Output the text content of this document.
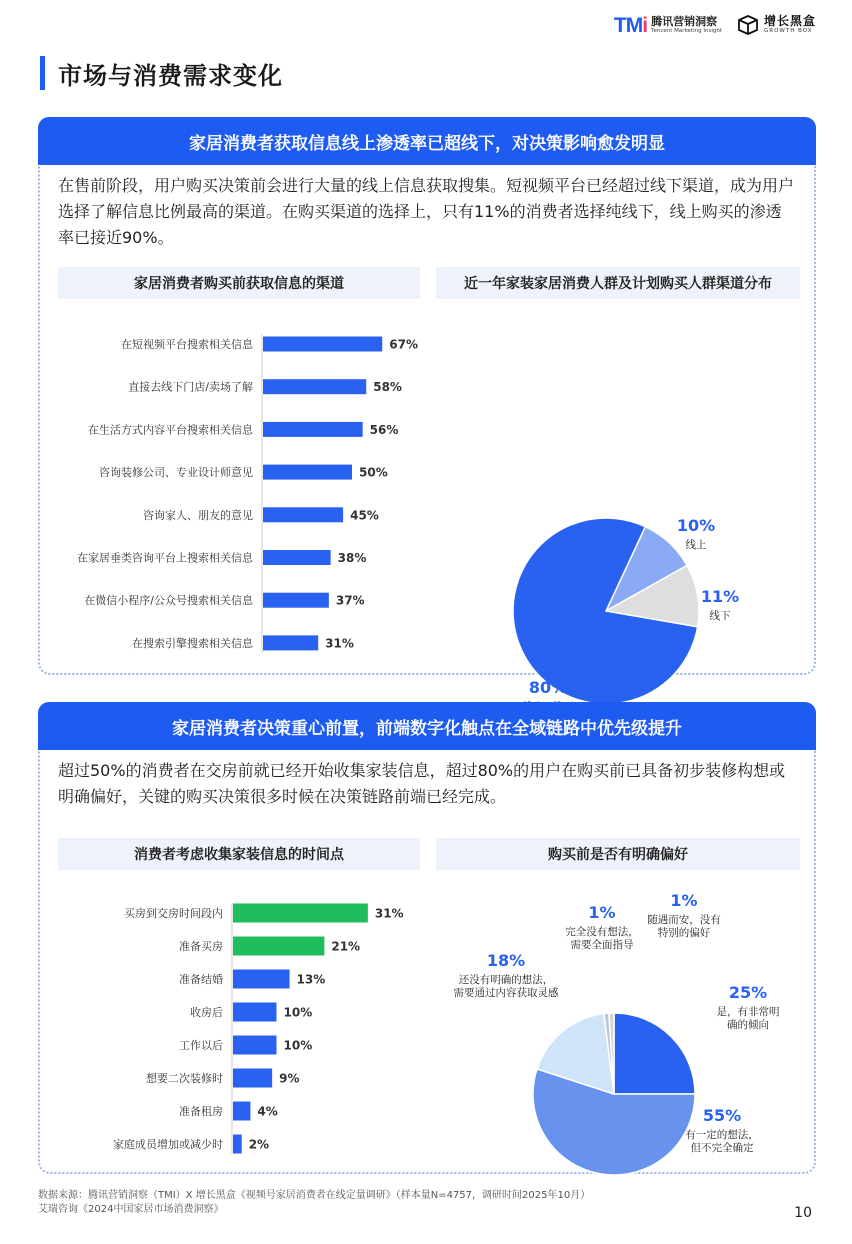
TMi 腾讯营销洞察
Tencent Marketing Insight
增长黑盒
GROWTH BOX
市场与消费需求变化
家居消费者获取信息线上渗透率已超线下，对决策影响愈发明显
在售前阶段，用户购买决策前会进行大量的线上信息获取搜集。短视频平台已经超过线下渠道，成为用户选择了解信息比例最高的渠道。在购买渠道的选择上，只有11%的消费者选择纯线下，线上购买的渗透率已接近90%。
家居消费者购买前获取信息的渠道	近一年家装家居消费人群及计划购买人群渠道分布
在短视频平台搜索相关信息	67%
直接去线下门店/卖场了解	58%
在生活方式内容平台搜索相关信息	56%
咨询装修公司、专业设计师意见	50%
咨询家人、朋友的意见	45%
在家居垂类咨询平台上搜索相关信息	38%
在微信小程序/公众号搜索相关信息	37%
在搜索引擎搜索相关信息	31%
10%
线上
11%
线下
80%
家居消费者决策重心前置，前端数字化触点在全域链路中优先级提升
超过50%的消费者在交房前就已经开始收集家装信息，超过80%的用户在购买前已具备初步装修构想或明确偏好，关键的购买决策很多时候在决策链路前端已经完成。
消费者考虑收集家装信息的时间点	购买前是否有明确偏好
买房到交房时间段内	31%
准备买房	21%
准备结婚	13%
收房后	10%
工作以后	10%
想要二次装修时	9%
准备租房	4%
家庭成员增加或减少时 2%
25%
是，有非常明
确的倾向
55%
有一定的想法，
但不完全确定
18%
还没有明确的想法，
需要通过内容获取灵感
1%
完全没有想法，
需要全面指导
1%
随遇而安，没有
特别的偏好
数据来源：腾讯营销洞察（TMI）X 增长黑盒《视频号家居消费者在线定量调研》（样本量N=4757，调研时间2025年10月）
艾瑞咨询《2024中国家居市场消费洞察》	10
